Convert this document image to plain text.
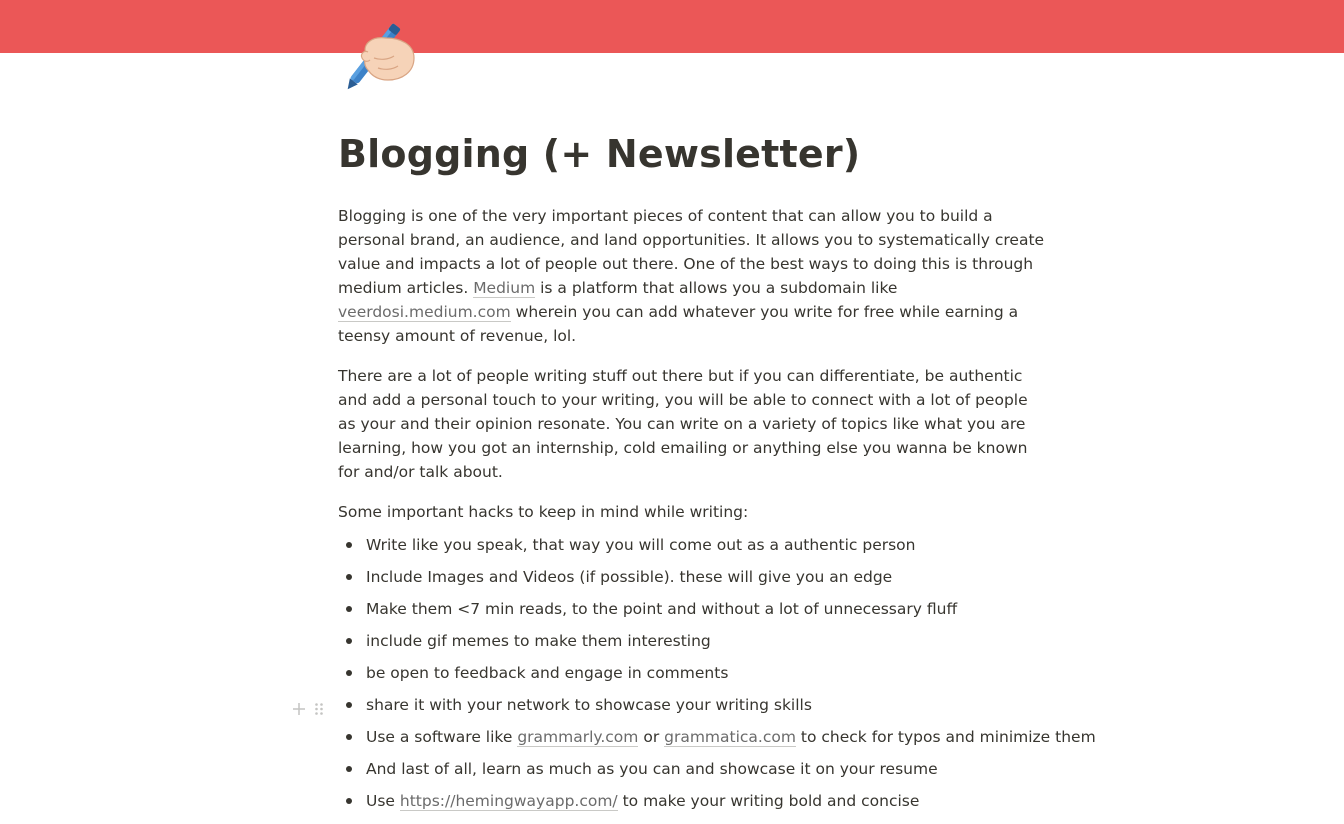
Blogging (+ Newsletter)

Blogging is one of the very important pieces of content that can allow you to build a personal brand, an audience, and land opportunities. It allows you to systematically create value and impacts a lot of people out there. One of the best ways to doing this is through medium articles. Medium is a platform that allows you a subdomain like veerdosi.medium.com wherein you can add whatever you write for free while earning a teensy amount of revenue, lol.

There are a lot of people writing stuff out there but if you can differentiate, be authentic and add a personal touch to your writing, you will be able to connect with a lot of people as your and their opinion resonate. You can write on a variety of topics like what you are learning, how you got an internship, cold emailing or anything else you wanna be known for and/or talk about.

Some important hacks to keep in mind while writing:

Write like you speak, that way you will come out as a authentic person
Include Images and Videos (if possible). these will give you an edge
Make them <7 min reads, to the point and without a lot of unnecessary fluff
include gif memes to make them interesting
be open to feedback and engage in comments
share it with your network to showcase your writing skills
Use a software like grammarly.com or grammatica.com to check for typos and minimize them
And last of all, learn as much as you can and showcase it on your resume
Use https://hemingwayapp.com/ to make your writing bold and concise
